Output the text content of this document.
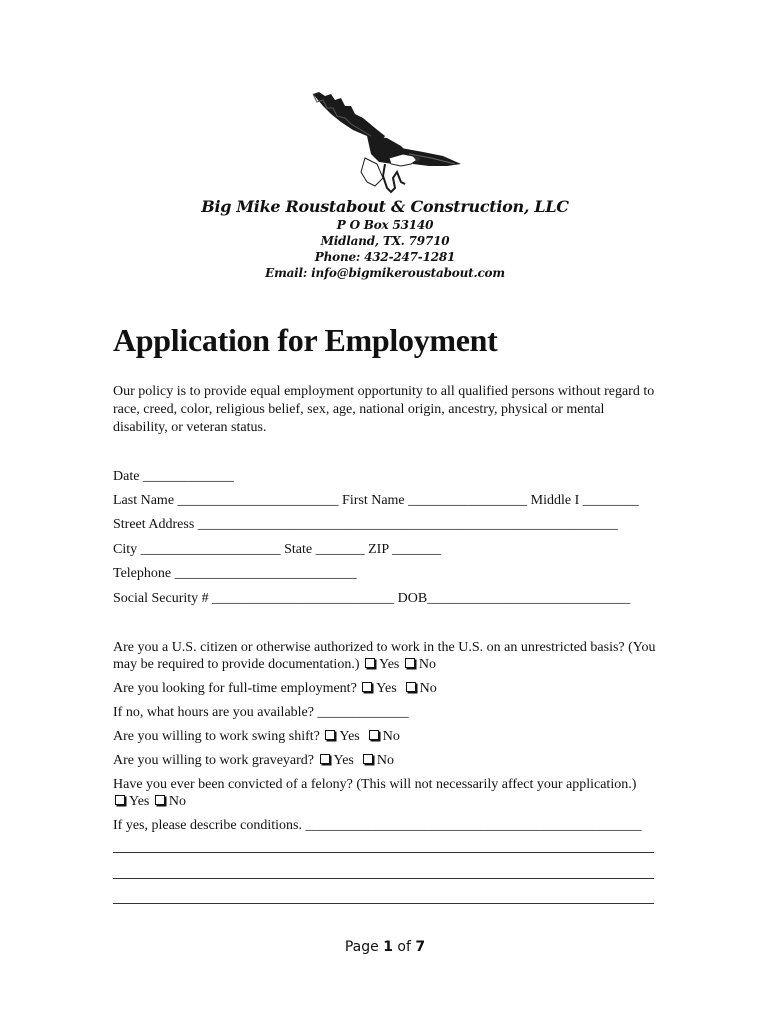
Big Mike Roustabout & Construction, LLC
P O Box 53140
Midland, TX. 79710
Phone: 432-247-1281
Email: info@bigmikeroustabout.com
Application for Employment
Our policy is to provide equal employment opportunity to all qualified persons without regard to race, creed, color, religious belief, sex, age, national origin, ancestry, physical or mental disability, or veteran status.
Date _____________
Last Name _______________________ First Name _________________ Middle I ________
Street Address ____________________________________________________________
City ____________________ State _______ ZIP _______
Telephone __________________________
Social Security # __________________________ DOB_____________________________
Are you a U.S. citizen or otherwise authorized to work in the U.S. on an unrestricted basis? (You may be required to provide documentation.) Yes No
Are you looking for full-time employment? Yes No
If no, what hours are you available? _____________
Are you willing to work swing shift? Yes No
Are you willing to work graveyard? Yes No
Have you ever been convicted of a felony? (This will not necessarily affect your application.) Yes No
If yes, please describe conditions. ________________________________________________
Page 1 of 7
